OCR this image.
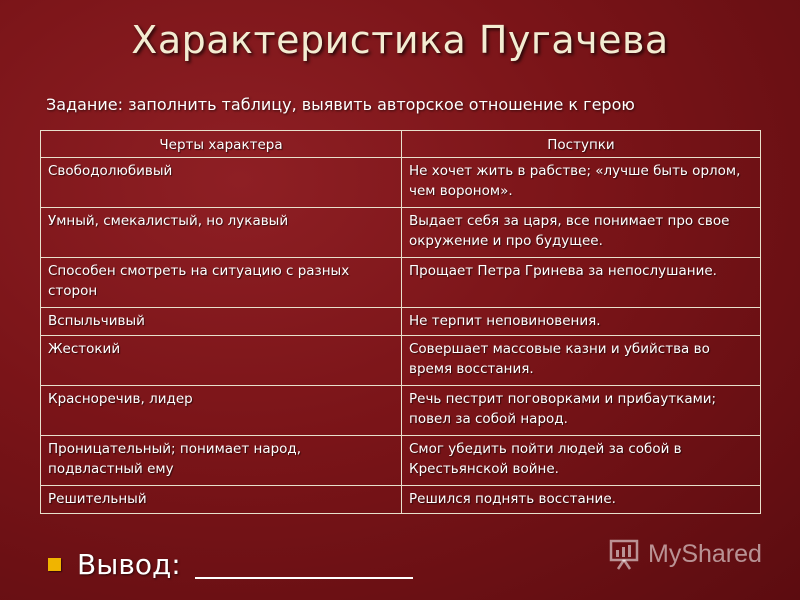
Характеристика Пугачева
Задание: заполнить таблицу, выявить авторское отношение к герою
Черты характера	Поступки
Свободолюбивый	Не хочет жить в рабстве; «лучше быть орлом, чем вороном».
Умный, смекалистый, но лукавый	Выдает себя за царя, все понимает про свое окружение и про будущее.
Способен смотреть на ситуацию с разных сторон	Прощает Петра Гринева за непослушание.
Вспыльчивый	Не терпит неповиновения.
Жестокий	Совершает массовые казни и убийства во время восстания.
Красноречив, лидер	Речь пестрит поговорками и прибаутками; повел за собой народ.
Проницательный; понимает народ, подвластный ему	Смог убедить пойти людей за собой в Крестьянской войне.
Решительный	Решился поднять восстание.
Вывод:	MyShared
